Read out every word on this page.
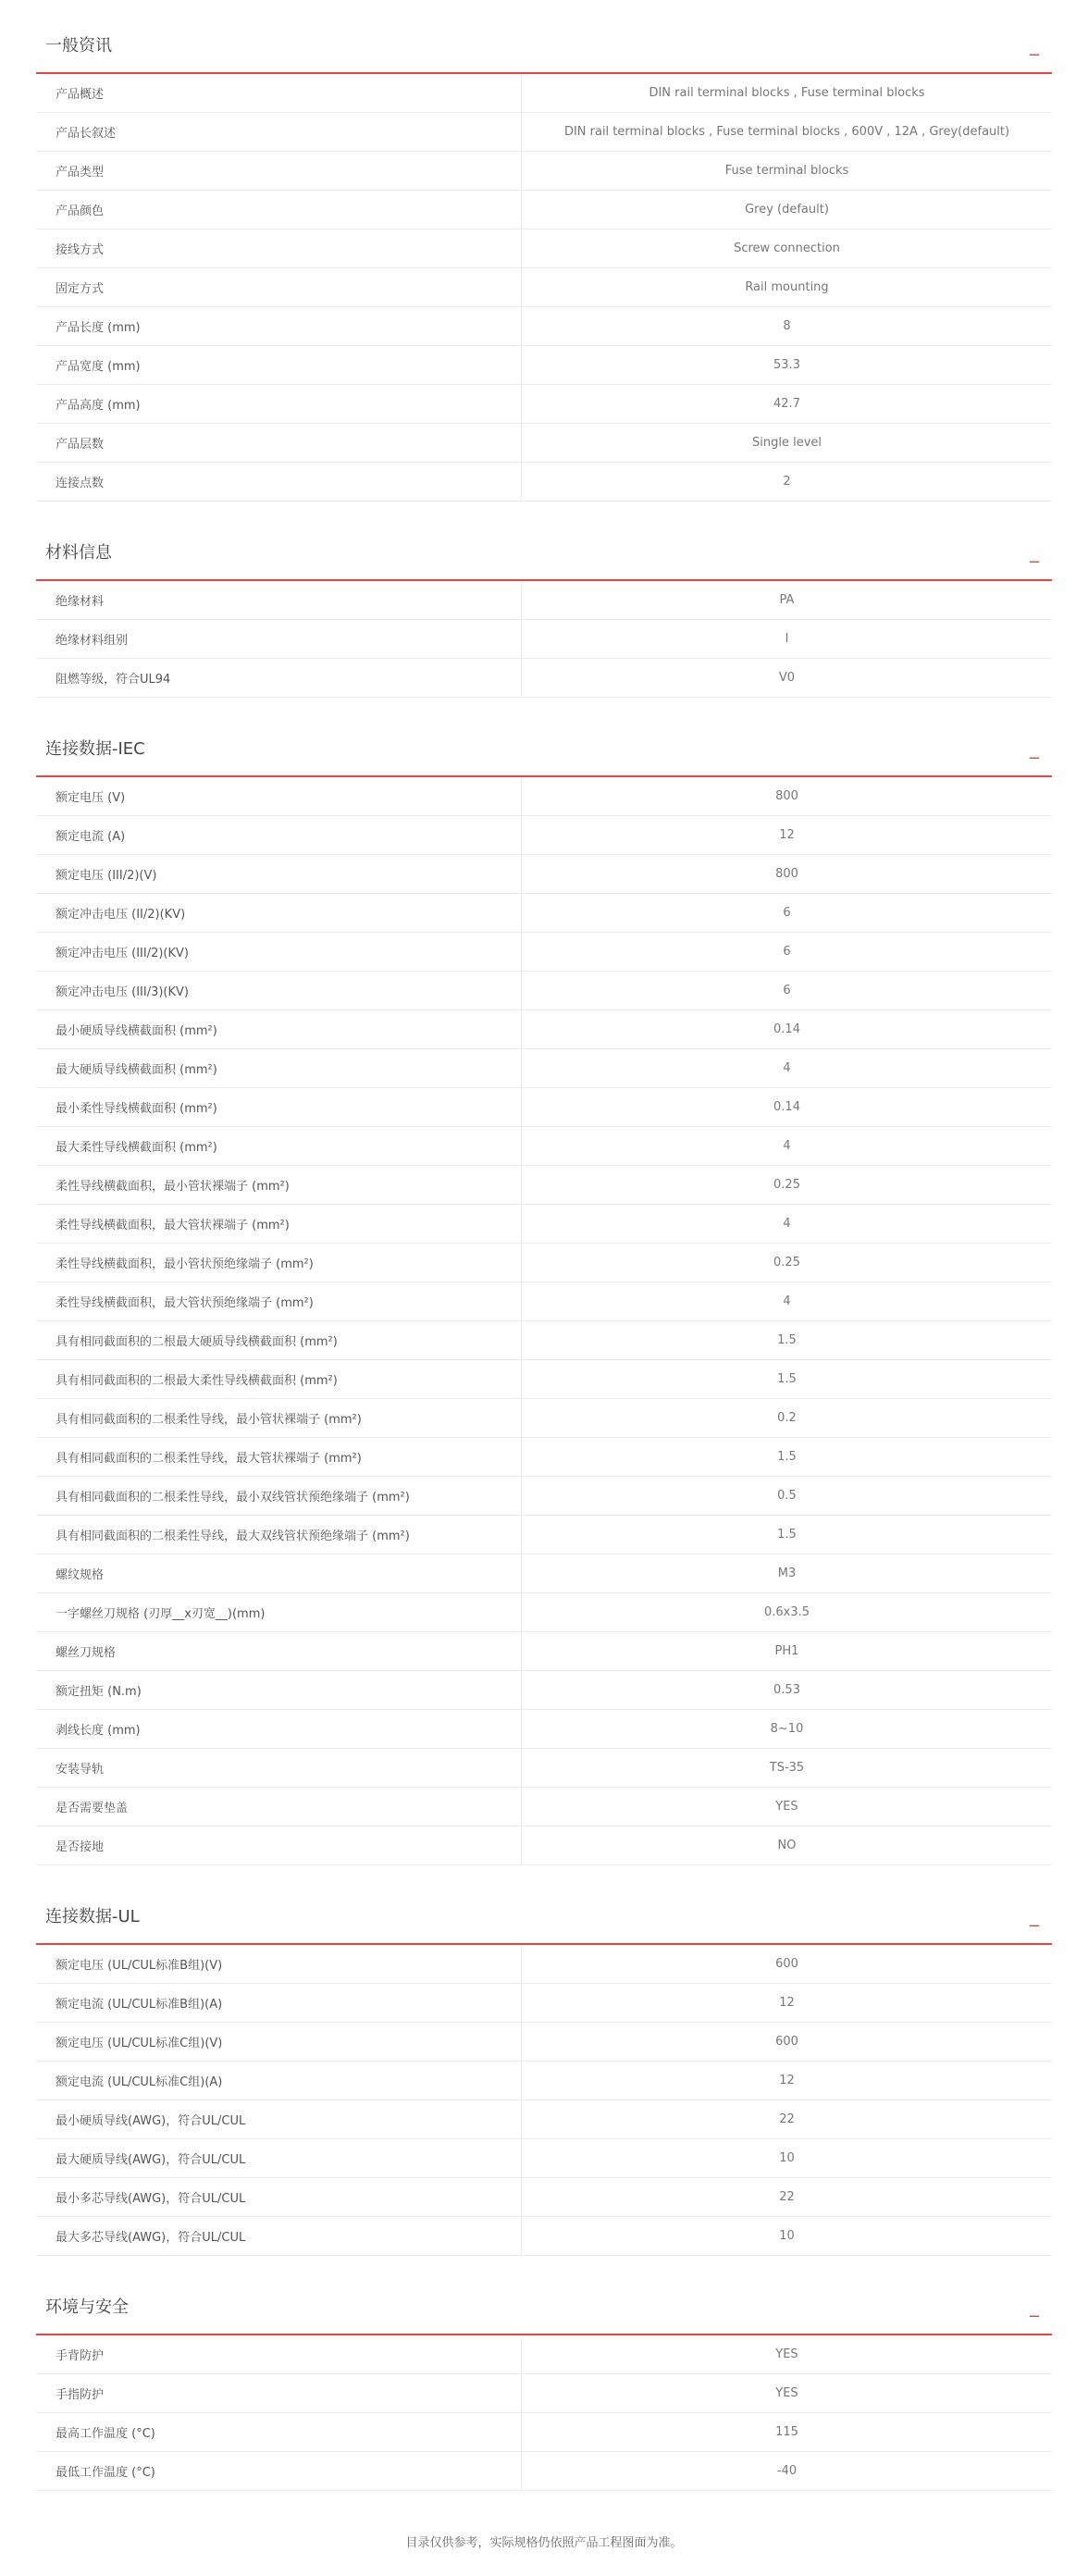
一般资讯	_
产品概述	DIN rail terminal blocks , Fuse terminal blocks
产品长叙述	DIN rail terminal blocks , Fuse terminal blocks , 600V , 12A , Grey(default)
产品类型	Fuse terminal blocks
产品颜色	Grey (default)
接线方式	Screw connection
固定方式	Rail mounting
产品长度 (mm)	8
产品宽度 (mm)	53.3
产品高度 (mm)	42.7
产品层数	Single level
连接点数	2
材料信息	_
绝缘材料	PA
绝缘材料组别	I
阻燃等级，符合UL94	V0
连接数据-IEC	_
额定电压 (V)	800
额定电流 (A)	12
额定电压 (III/2)(V)	800
额定冲击电压 (II/2)(KV)	6
额定冲击电压 (III/2)(KV)	6
额定冲击电压 (III/3)(KV)	6
最小硬质导线横截面积 (mm²)	0.14
最大硬质导线横截面积 (mm²)	4
最小柔性导线横截面积 (mm²)	0.14
最大柔性导线横截面积 (mm²)	4
柔性导线横截面积，最小管状裸端子 (mm²)	0.25
柔性导线横截面积，最大管状裸端子 (mm²)	4
柔性导线横截面积，最小管状预绝缘端子 (mm²)	0.25
柔性导线横截面积，最大管状预绝缘端子 (mm²)	4
具有相同截面积的二根最大硬质导线横截面积 (mm²)	1.5
具有相同截面积的二根最大柔性导线横截面积 (mm²)	1.5
具有相同截面积的二根柔性导线，最小管状裸端子 (mm²)	0.2
具有相同截面积的二根柔性导线，最大管状裸端子 (mm²)	1.5
具有相同截面积的二根柔性导线，最小双线管状预绝缘端子 (mm²)	0.5
具有相同截面积的二根柔性导线，最大双线管状预绝缘端子 (mm²)	1.5
螺纹规格	M3
一字螺丝刀规格 (刃厚__x刃宽__)(mm)	0.6x3.5
螺丝刀规格	PH1
额定扭矩 (N.m)	0.53
剥线长度 (mm)	8~10
安装导轨	TS-35
是否需要垫盖	YES
是否接地	NO
连接数据-UL	_
额定电压 (UL/CUL标准B组)(V)	600
额定电流 (UL/CUL标准B组)(A)	12
额定电压 (UL/CUL标准C组)(V)	600
额定电流 (UL/CUL标准C组)(A)	12
最小硬质导线(AWG)，符合UL/CUL	22
最大硬质导线(AWG)，符合UL/CUL	10
最小多芯导线(AWG)，符合UL/CUL	22
最大多芯导线(AWG)，符合UL/CUL	10
环境与安全	_
手背防护	YES
手指防护	YES
最高工作温度 (°C)	115
最低工作温度 (°C)	-40
目录仅供参考，实际规格仍依照产品工程图面为准。
